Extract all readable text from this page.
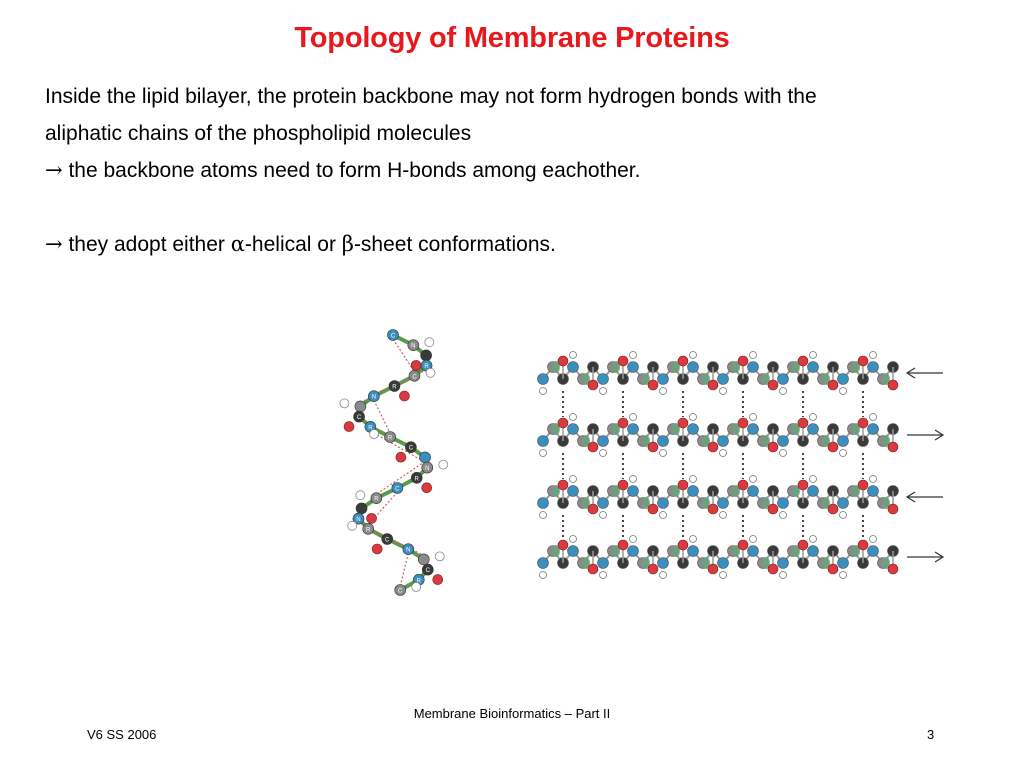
Topology of Membrane Proteins
Inside the lipid bilayer, the protein backbone may not form hydrogen bonds with the
aliphatic chains of the phospholipid molecules
→ the backbone atoms need to form H-bonds among eachother.
→ they adopt either α-helical or β-sheet conformations.
C
N
R
C
R
N
C
R
R
C
N
R
C
R
N
R
C
N
C
R
C
Membrane Bioinformatics – Part II
V6 SS 2006	3
